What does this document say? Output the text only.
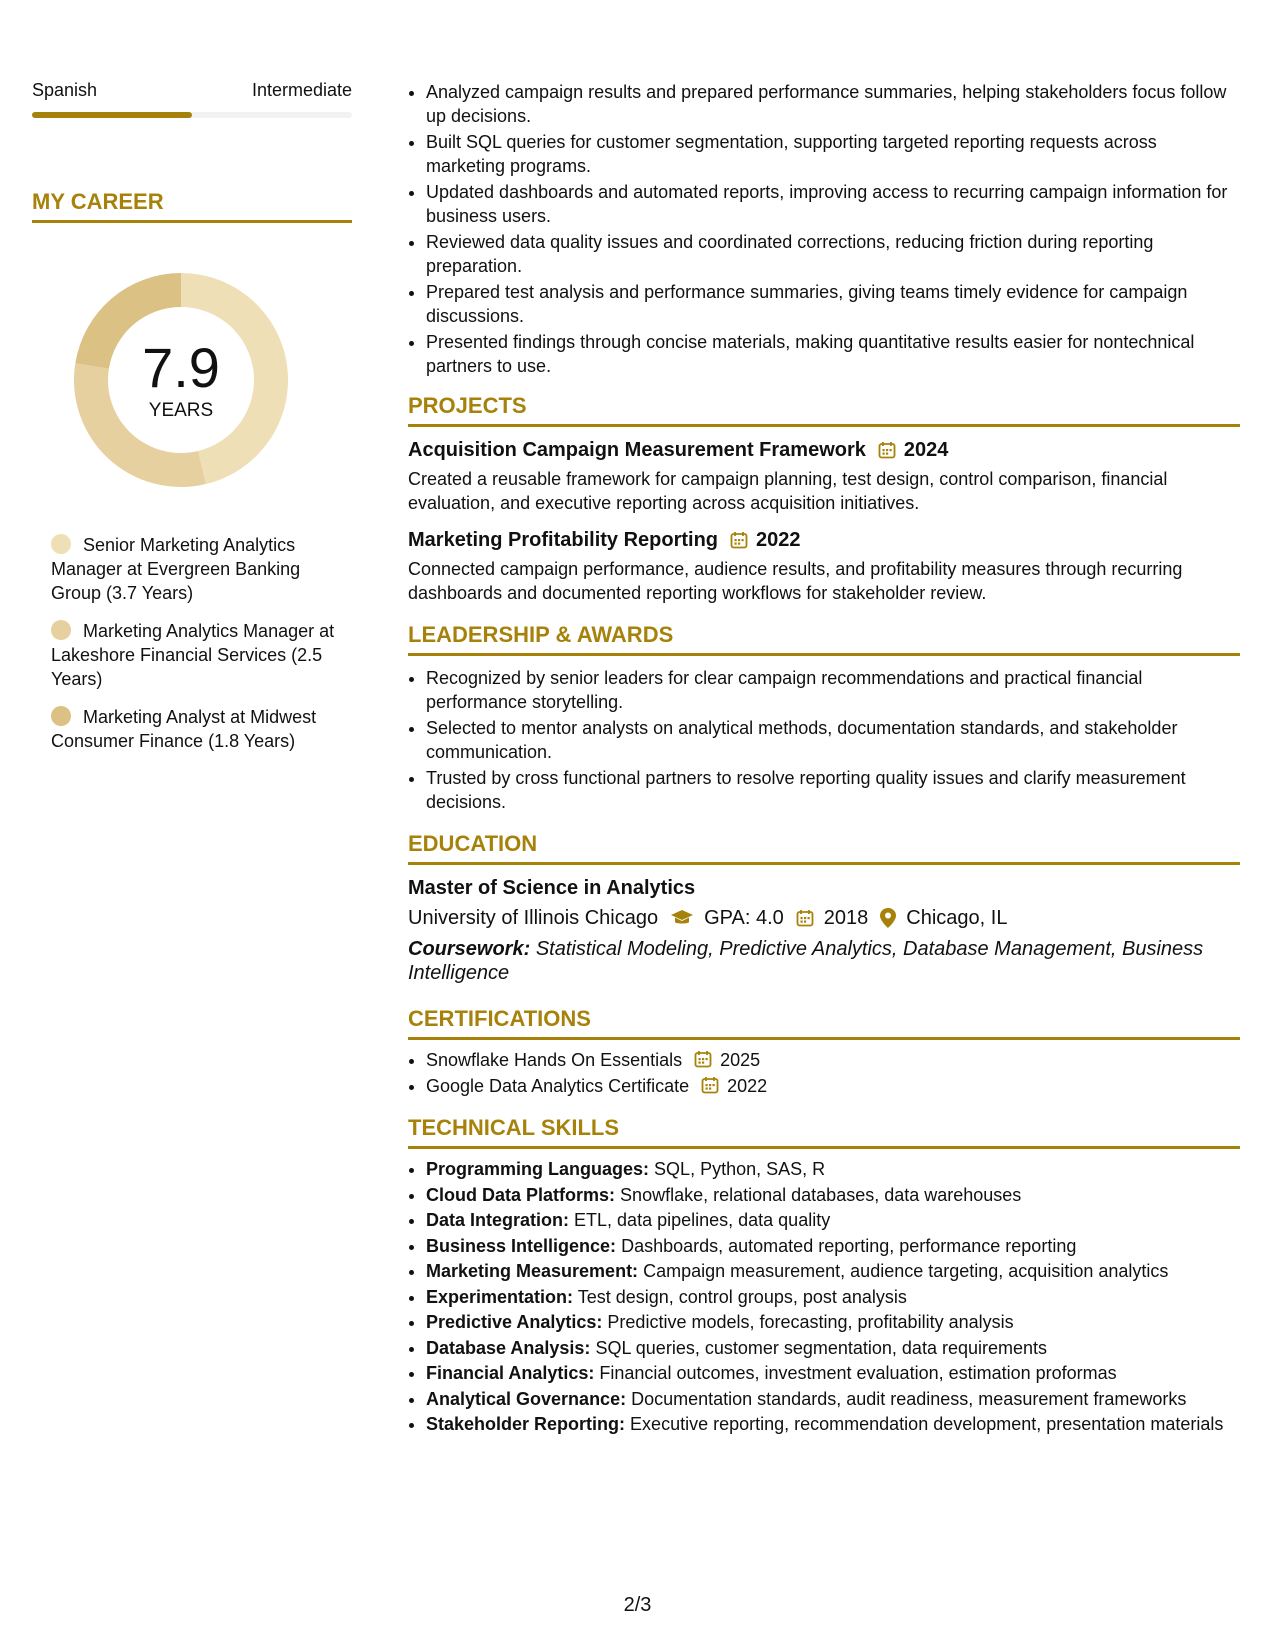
Spanish	Intermediate
MY CAREER
7.9
YEARS
Senior Marketing Analytics Manager at Evergreen Banking Group (3.7 Years)
Marketing Analytics Manager at Lakeshore Financial Services (2.5 Years)
Marketing Analyst at Midwest Consumer Finance (1.8 Years)
• Analyzed campaign results and prepared performance summaries, helping stakeholders focus follow up decisions.
• Built SQL queries for customer segmentation, supporting targeted reporting requests across marketing programs.
• Updated dashboards and automated reports, improving access to recurring campaign information for business users.
• Reviewed data quality issues and coordinated corrections, reducing friction during reporting preparation.
• Prepared test analysis and performance summaries, giving teams timely evidence for campaign discussions.
• Presented findings through concise materials, making quantitative results easier for nontechnical partners to use.
PROJECTS
Acquisition Campaign Measurement Framework 2024
Created a reusable framework for campaign planning, test design, control comparison, financial evaluation, and executive reporting across acquisition initiatives.
Marketing Profitability Reporting 2022
Connected campaign performance, audience results, and profitability measures through recurring dashboards and documented reporting workflows for stakeholder review.
LEADERSHIP & AWARDS
• Recognized by senior leaders for clear campaign recommendations and practical financial performance storytelling.
• Selected to mentor analysts on analytical methods, documentation standards, and stakeholder communication.
• Trusted by cross functional partners to resolve reporting quality issues and clarify measurement decisions.
EDUCATION
Master of Science in Analytics
University of Illinois Chicago GPA: 4.0 2018 Chicago, IL
Coursework: Statistical Modeling, Predictive Analytics, Database Management, Business Intelligence
CERTIFICATIONS
• Snowflake Hands On Essentials 2025
• Google Data Analytics Certificate 2022
TECHNICAL SKILLS
• Programming Languages: SQL, Python, SAS, R
• Cloud Data Platforms: Snowflake, relational databases, data warehouses
• Data Integration: ETL, data pipelines, data quality
• Business Intelligence: Dashboards, automated reporting, performance reporting
• Marketing Measurement: Campaign measurement, audience targeting, acquisition analytics
• Experimentation: Test design, control groups, post analysis
• Predictive Analytics: Predictive models, forecasting, profitability analysis
• Database Analysis: SQL queries, customer segmentation, data requirements
• Financial Analytics: Financial outcomes, investment evaluation, estimation proformas
• Analytical Governance: Documentation standards, audit readiness, measurement frameworks
• Stakeholder Reporting: Executive reporting, recommendation development, presentation materials
2/3
